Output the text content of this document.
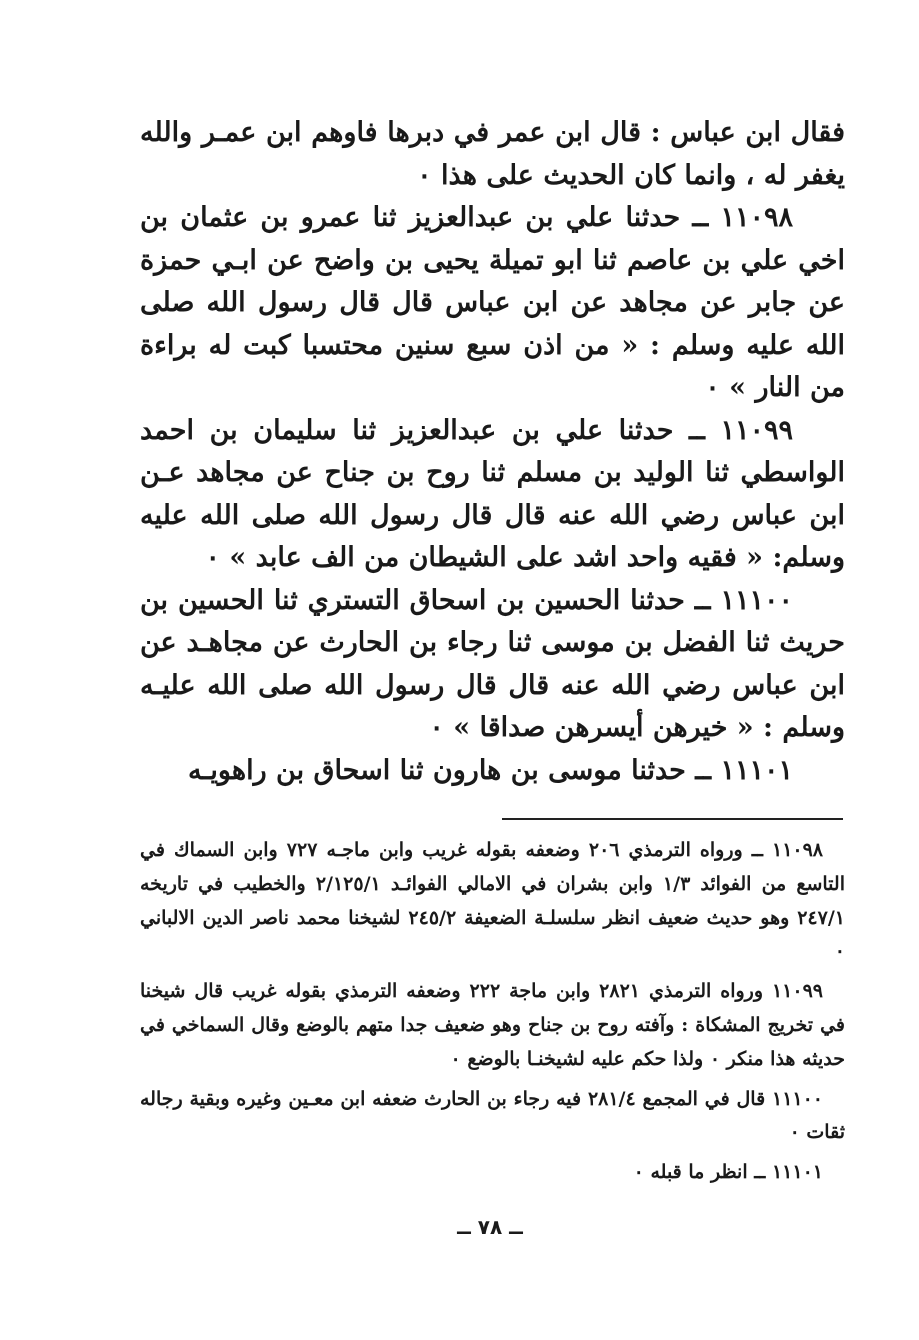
فقال ابن عباس : قال ابن عمر في دبرها فاوهم ابن عمـر والله يغفر له ، وانما كان الحديث على هذا ٠

١١٠٩٨ ــ حدثنا علي بن عبدالعزيز ثنا عمرو بن عثمان بن اخي علي بن عاصم ثنا ابو تميلة يحيى بن واضح عن ابـي حمزة عن جابر عن مجاهد عن ابن عباس قال قال رسول الله صلى الله عليه وسلم : « من اذن سبع سنين محتسبا كبت له براءة من النار » ٠

١١٠٩٩ ــ حدثنا علي بن عبدالعزيز ثنا سليمان بن احمد الواسطي ثنا الوليد بن مسلم ثنا روح بن جناح عن مجاهد عـن ابن عباس رضي الله عنه قال قال رسول الله صلى الله عليه وسلم: « فقيه واحد اشد على الشيطان من الف عابد » ٠

١١١٠٠ ــ حدثنا الحسين بن اسحاق التستري ثنا الحسين بن حريث ثنا الفضل بن موسى ثنا رجاء بن الحارث عن مجاهـد عن ابن عباس رضي الله عنه قال قال رسول الله صلى الله عليـه وسلم : « خيرهن أيسرهن صداقا » ٠

١١١٠١ ــ حدثنا موسى بن هارون ثنا اسحاق بن راهويـه

١١٠٩٨ ــ ورواه الترمذي ٢٠٦ وضعفه بقوله غريب وابن ماجـه ٧٢٧ وابن السماك في التاسع من الفوائد ١/٣ وابن بشران في الامالي الفوائـد ٢/١٢٥/١ والخطيب في تاريخه ٢٤٧/١ وهو حديث ضعيف انظر سلسلـة الضعيفة ٢٤٥/٢ لشيخنا محمد ناصر الدين الالباني ٠

١١٠٩٩ ورواه الترمذي ٢٨٢١ وابن ماجة ٢٢٢ وضعفه الترمذي بقوله غريب قال شيخنا في تخريج المشكاة : وآفته روح بن جناح وهو ضعيف جدا متهم بالوضع وقال السماخي في حديثه هذا منكر ٠ ولذا حكم عليه لشيخنـا بالوضع ٠

١١١٠٠ قال في المجمع ٢٨١/٤ فيه رجاء بن الحارث ضعفه ابن معـين وغيره وبقية رجاله ثقات ٠

١١١٠١ ــ انظر ما قبله ٠

ــ ٧٨ ــ
